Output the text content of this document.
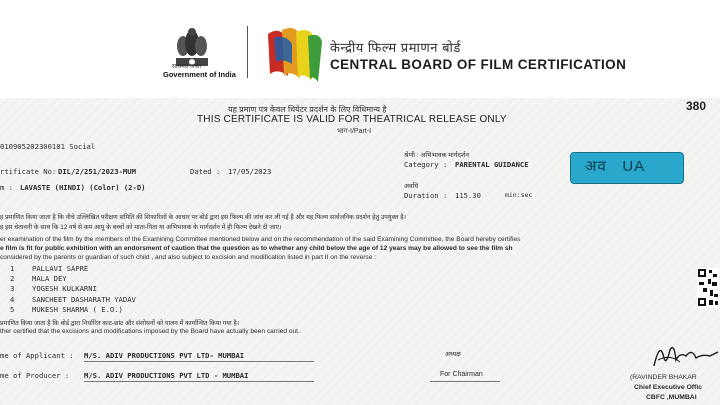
सत्यमेव जयते
Government of India
केन्द्रीय फिल्म प्रमाणन बोर्ड
CENTRAL BOARD OF FILM CERTIFICATION
380
यह प्रमाण पत्र केवल थियेटर प्रदर्शन के लिए विधिमान्य है
THIS CERTIFICATE IS VALID FOR THEATRICAL RELEASE ONLY
भाग-I/Part-I
010905202300101 Social
rtificate No: DIL/2/251/2023-MUM	Dated : 17/05/2023
श्रेणी : अभिभावक मार्गदर्शन
Category : PARENTAL GUIDANCE
m : LAVASTE (HINDI) (Color) (2-D)	अवधि
Duration : 115.30	min:sec
अव UA
ह प्रमाणित किया जाता है कि नीचे उल्लिखित परीक्षण समिति की सिफारिशों के आधार पर बोर्ड द्वारा इस फिल्म की जांच कर ली गई है और यह फिल्म सार्वजनिक प्रदर्शन हेतु उपयुक्त है।
ह इस चेतावनी के साथ कि 12 वर्ष से कम आयु के बच्चों को माता-पिता या अभिभावक के मार्गदर्शन में ही फिल्म देखने दी जाए।
er examination of the film by the members of the Examining Committee mentioned below and on the recommendation of the said Examining Committee, the Board hereby certifies
e film is fit for public exhibition with an endorsment of caution that the question as to whether any child below the age of 12 years may be allowed to see the film sh
considered by the parents or guardian of such child , and also subject to excision and modification listed in part II on the reverse :
1 PALLAVI SAPRE
2 MALA DEY
3 YOGESH KULKARNI
4 SANCHEET DASHARATH YADAV
5 MUKESH SHARMA ( E.O.)
प्रमाणित किया जाता है कि बोर्ड द्वारा निर्धारित काट-छांट और संशोधनों को पालन में कार्यान्वित किया गया है।
ther certified that the excisions and modifications imposed by the Board have actually been carried out.
me of Applicant : M/S. ADIV PRODUCTIONS PVT LTD- MUMBAI
me of Producer : M/S. ADIV PRODUCTIONS PVT LTD - MUMBAI
अध्यक्ष
For Chairman	(RAVINDER BHAKAR
Chief Executive Offic
CBFC ,MUMBAI
